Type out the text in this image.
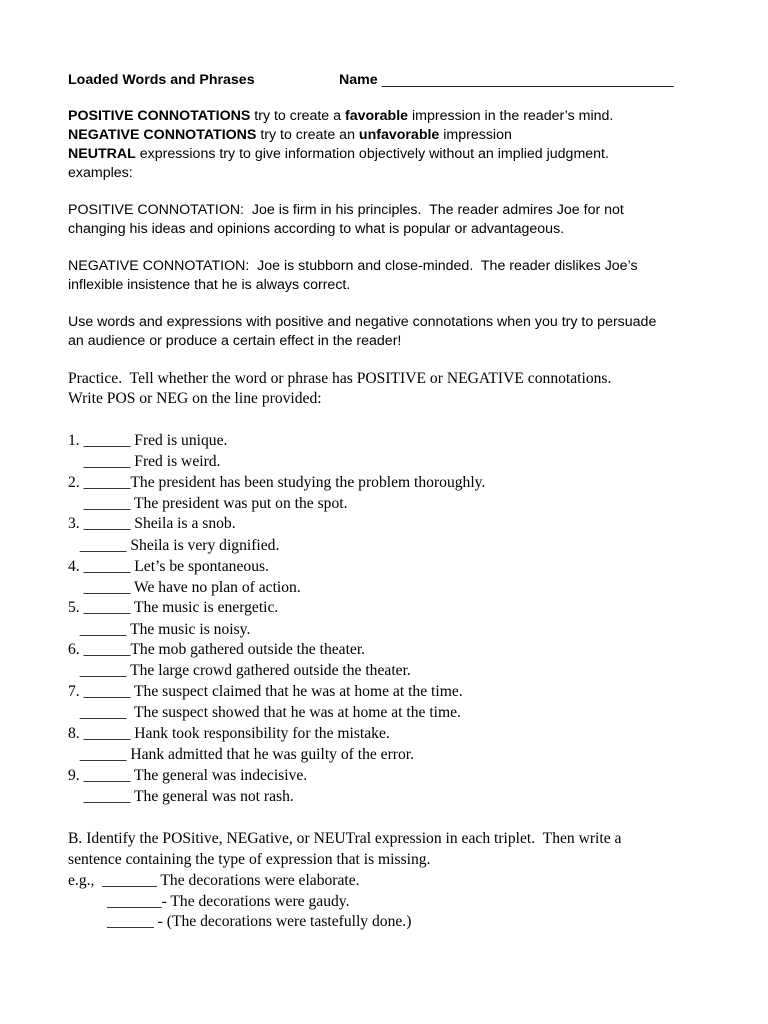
Loaded Words and Phrases	Name _____________________________________
POSITIVE CONNOTATIONS try to create a favorable impression in the reader’s mind.
NEGATIVE CONNOTATIONS try to create an unfavorable impression
NEUTRAL expressions try to give information objectively without an implied judgment.
examples:
POSITIVE CONNOTATION:  Joe is firm in his principles.  The reader admires Joe for not
changing his ideas and opinions according to what is popular or advantageous.
NEGATIVE CONNOTATION:  Joe is stubborn and close-minded.  The reader dislikes Joe’s
inflexible insistence that he is always correct.
Use words and expressions with positive and negative connotations when you try to persuade
an audience or produce a certain effect in the reader!
Practice.  Tell whether the word or phrase has POSITIVE or NEGATIVE connotations.
Write POS or NEG on the line provided:
1. ______ Fred is unique.
______ Fred is weird.
2. ______The president has been studying the problem thoroughly.
______ The president was put on the spot.
3. ______ Sheila is a snob.
______ Sheila is very dignified.
4. ______ Let’s be spontaneous.
______ We have no plan of action.
5. ______ The music is energetic.
______ The music is noisy.
6. ______The mob gathered outside the theater.
______ The large crowd gathered outside the theater.
7. ______ The suspect claimed that he was at home at the time.
______  The suspect showed that he was at home at the time.
8. ______ Hank took responsibility for the mistake.
______ Hank admitted that he was guilty of the error.
9. ______ The general was indecisive.
______ The general was not rash.
B. Identify the POSitive, NEGative, or NEUTral expression in each triplet.  Then write a
sentence containing the type of expression that is missing.
e.g.,  _______ The decorations were elaborate.
_______- The decorations were gaudy.
______ - (The decorations were tastefully done.)
